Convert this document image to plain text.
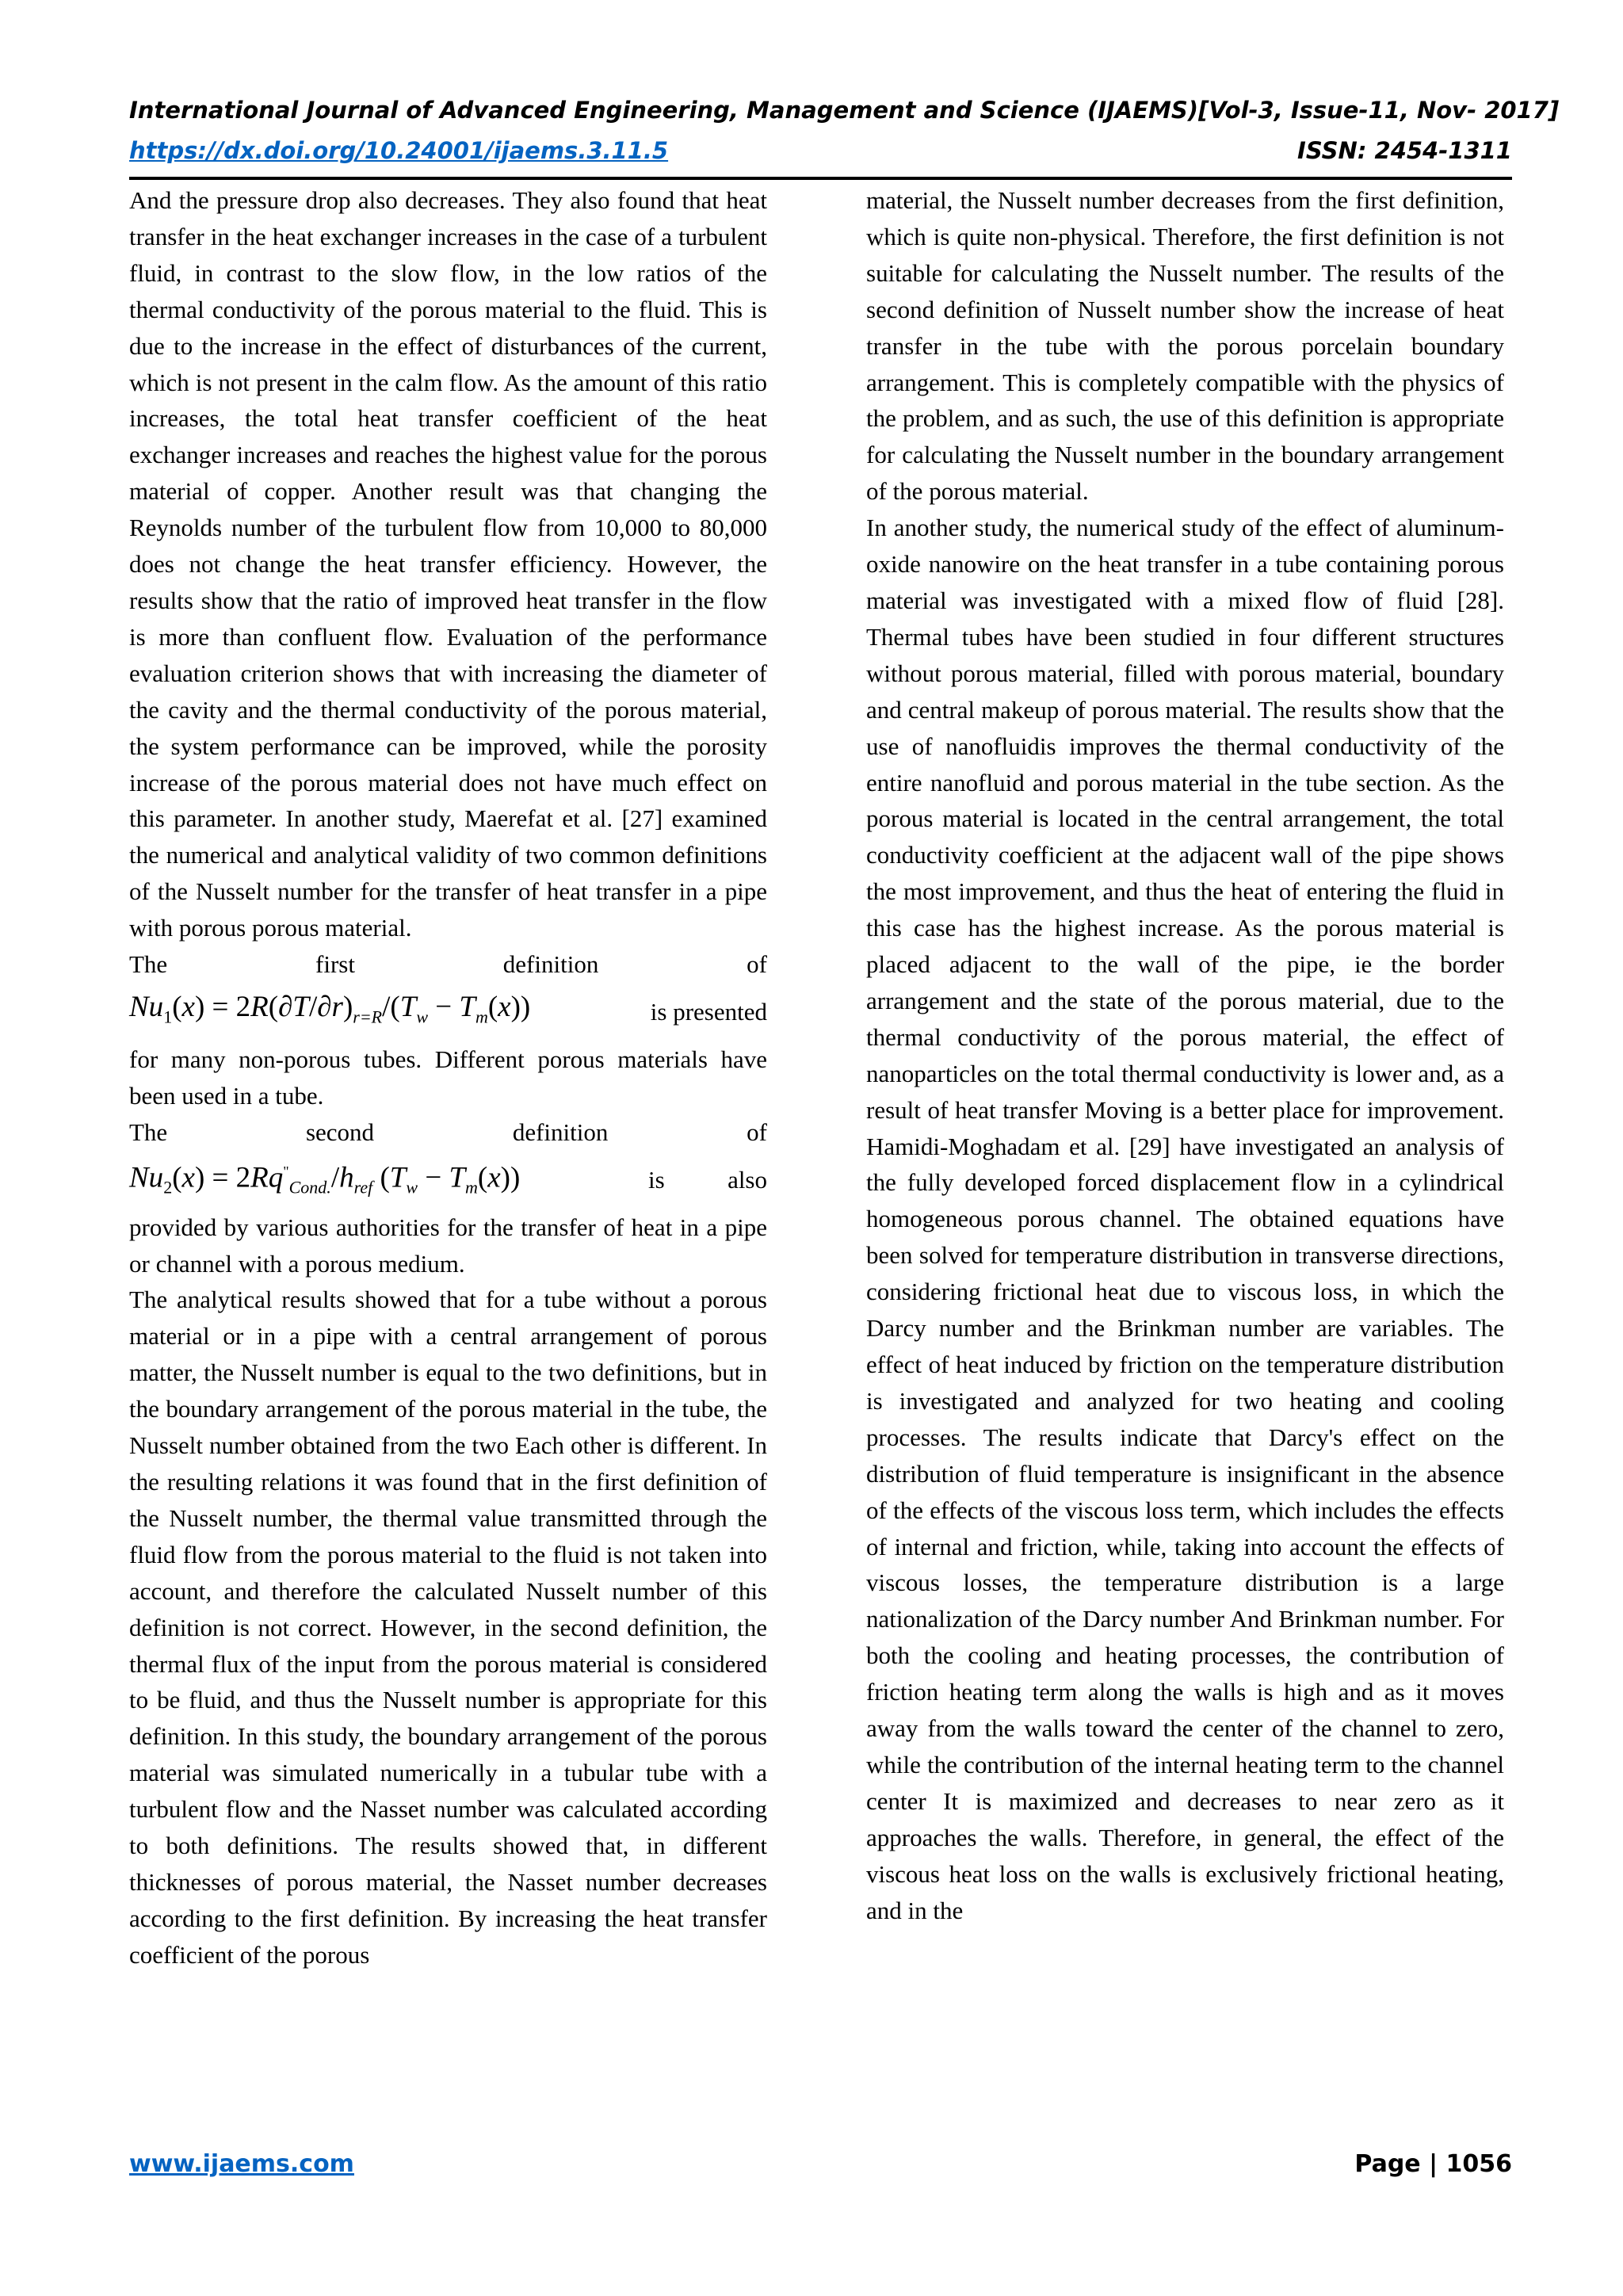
International Journal of Advanced Engineering, Management and Science (IJAEMS) [Vol-3, Issue-11, Nov- 2017]
https://dx.doi.org/10.24001/ijaems.3.11.5	ISSN: 2454-1311

And the pressure drop also decreases. They also found that heat transfer in the heat exchanger increases in the case of a turbulent fluid, in contrast to the slow flow, in the low ratios of the thermal conductivity of the porous material to the fluid. This is due to the increase in the effect of disturbances of the current, which is not present in the calm flow. As the amount of this ratio increases, the total heat transfer coefficient of the heat exchanger increases and reaches the highest value for the porous material of copper. Another result was that changing the Reynolds number of the turbulent flow from 10,000 to 80,000 does not change the heat transfer efficiency. However, the results show that the ratio of improved heat transfer in the flow is more than confluent flow. Evaluation of the performance evaluation criterion shows that with increasing the diameter of the cavity and the thermal conductivity of the porous material, the system performance can be improved, while the porosity increase of the porous material does not have much effect on this parameter. In another study, Maerefat et al. [27] examined the numerical and analytical validity of two common definitions of the Nusselt number for the transfer of heat transfer in a pipe with porous porous material.

The	first	definition	of
$Nu_1(x) = 2R(\partial T/\partial r)_{r=R}/(T_w - T_m(x))$	is presented

for many non-porous tubes. Different porous materials have been used in a tube.

The	second	definition	of
$Nu_2(x) = 2Rq^"_{Cond.}/h_{ref}$ $(T_w - T_m(x))$	is	also

provided by various authorities for the transfer of heat in a pipe or channel with a porous medium.

The analytical results showed that for a tube without a porous material or in a pipe with a central arrangement of porous matter, the Nusselt number is equal to the two definitions, but in the boundary arrangement of the porous material in the tube, the Nusselt number obtained from the two Each other is different. In the resulting relations it was found that in the first definition of the Nusselt number, the thermal value transmitted through the fluid flow from the porous material to the fluid is not taken into account, and therefore the calculated Nusselt number of this definition is not correct. However, in the second definition, the thermal flux of the input from the porous material is considered to be fluid, and thus the Nusselt number is appropriate for this definition. In this study, the boundary arrangement of the porous material was simulated numerically in a tubular tube with a turbulent flow and the Nasset number was calculated according to both definitions. The results showed that, in different thicknesses of porous material, the Nasset number decreases according to the first definition. By increasing the heat transfer coefficient of the porous

material, the Nusselt number decreases from the first definition, which is quite non-physical. Therefore, the first definition is not suitable for calculating the Nusselt number. The results of the second definition of Nusselt number show the increase of heat transfer in the tube with the porous porcelain boundary arrangement. This is completely compatible with the physics of the problem, and as such, the use of this definition is appropriate for calculating the Nusselt number in the boundary arrangement of the porous material.

In another study, the numerical study of the effect of aluminum-oxide nanowire on the heat transfer in a tube containing porous material was investigated with a mixed flow of fluid [28]. Thermal tubes have been studied in four different structures without porous material, filled with porous material, boundary and central makeup of porous material. The results show that the use of nanofluidis improves the thermal conductivity of the entire nanofluid and porous material in the tube section. As the porous material is located in the central arrangement, the total conductivity coefficient at the adjacent wall of the pipe shows the most improvement, and thus the heat of entering the fluid in this case has the highest increase. As the porous material is placed adjacent to the wall of the pipe, ie the border arrangement and the state of the porous material, due to the thermal conductivity of the porous material, the effect of nanoparticles on the total thermal conductivity is lower and, as a result of heat transfer Moving is a better place for improvement. Hamidi-Moghadam et al. [29] have investigated an analysis of the fully developed forced displacement flow in a cylindrical homogeneous porous channel. The obtained equations have been solved for temperature distribution in transverse directions, considering frictional heat due to viscous loss, in which the Darcy number and the Brinkman number are variables. The effect of heat induced by friction on the temperature distribution is investigated and analyzed for two heating and cooling processes. The results indicate that Darcy's effect on the distribution of fluid temperature is insignificant in the absence of the effects of the viscous loss term, which includes the effects of internal and friction, while, taking into account the effects of viscous losses, the temperature distribution is a large nationalization of the Darcy number And Brinkman number. For both the cooling and heating processes, the contribution of friction heating term along the walls is high and as it moves away from the walls toward the center of the channel to zero, while the contribution of the internal heating term to the channel center It is maximized and decreases to near zero as it approaches the walls. Therefore, in general, the effect of the viscous heat loss on the walls is exclusively frictional heating, and in the

www.ijaems.com	Page | 1056
